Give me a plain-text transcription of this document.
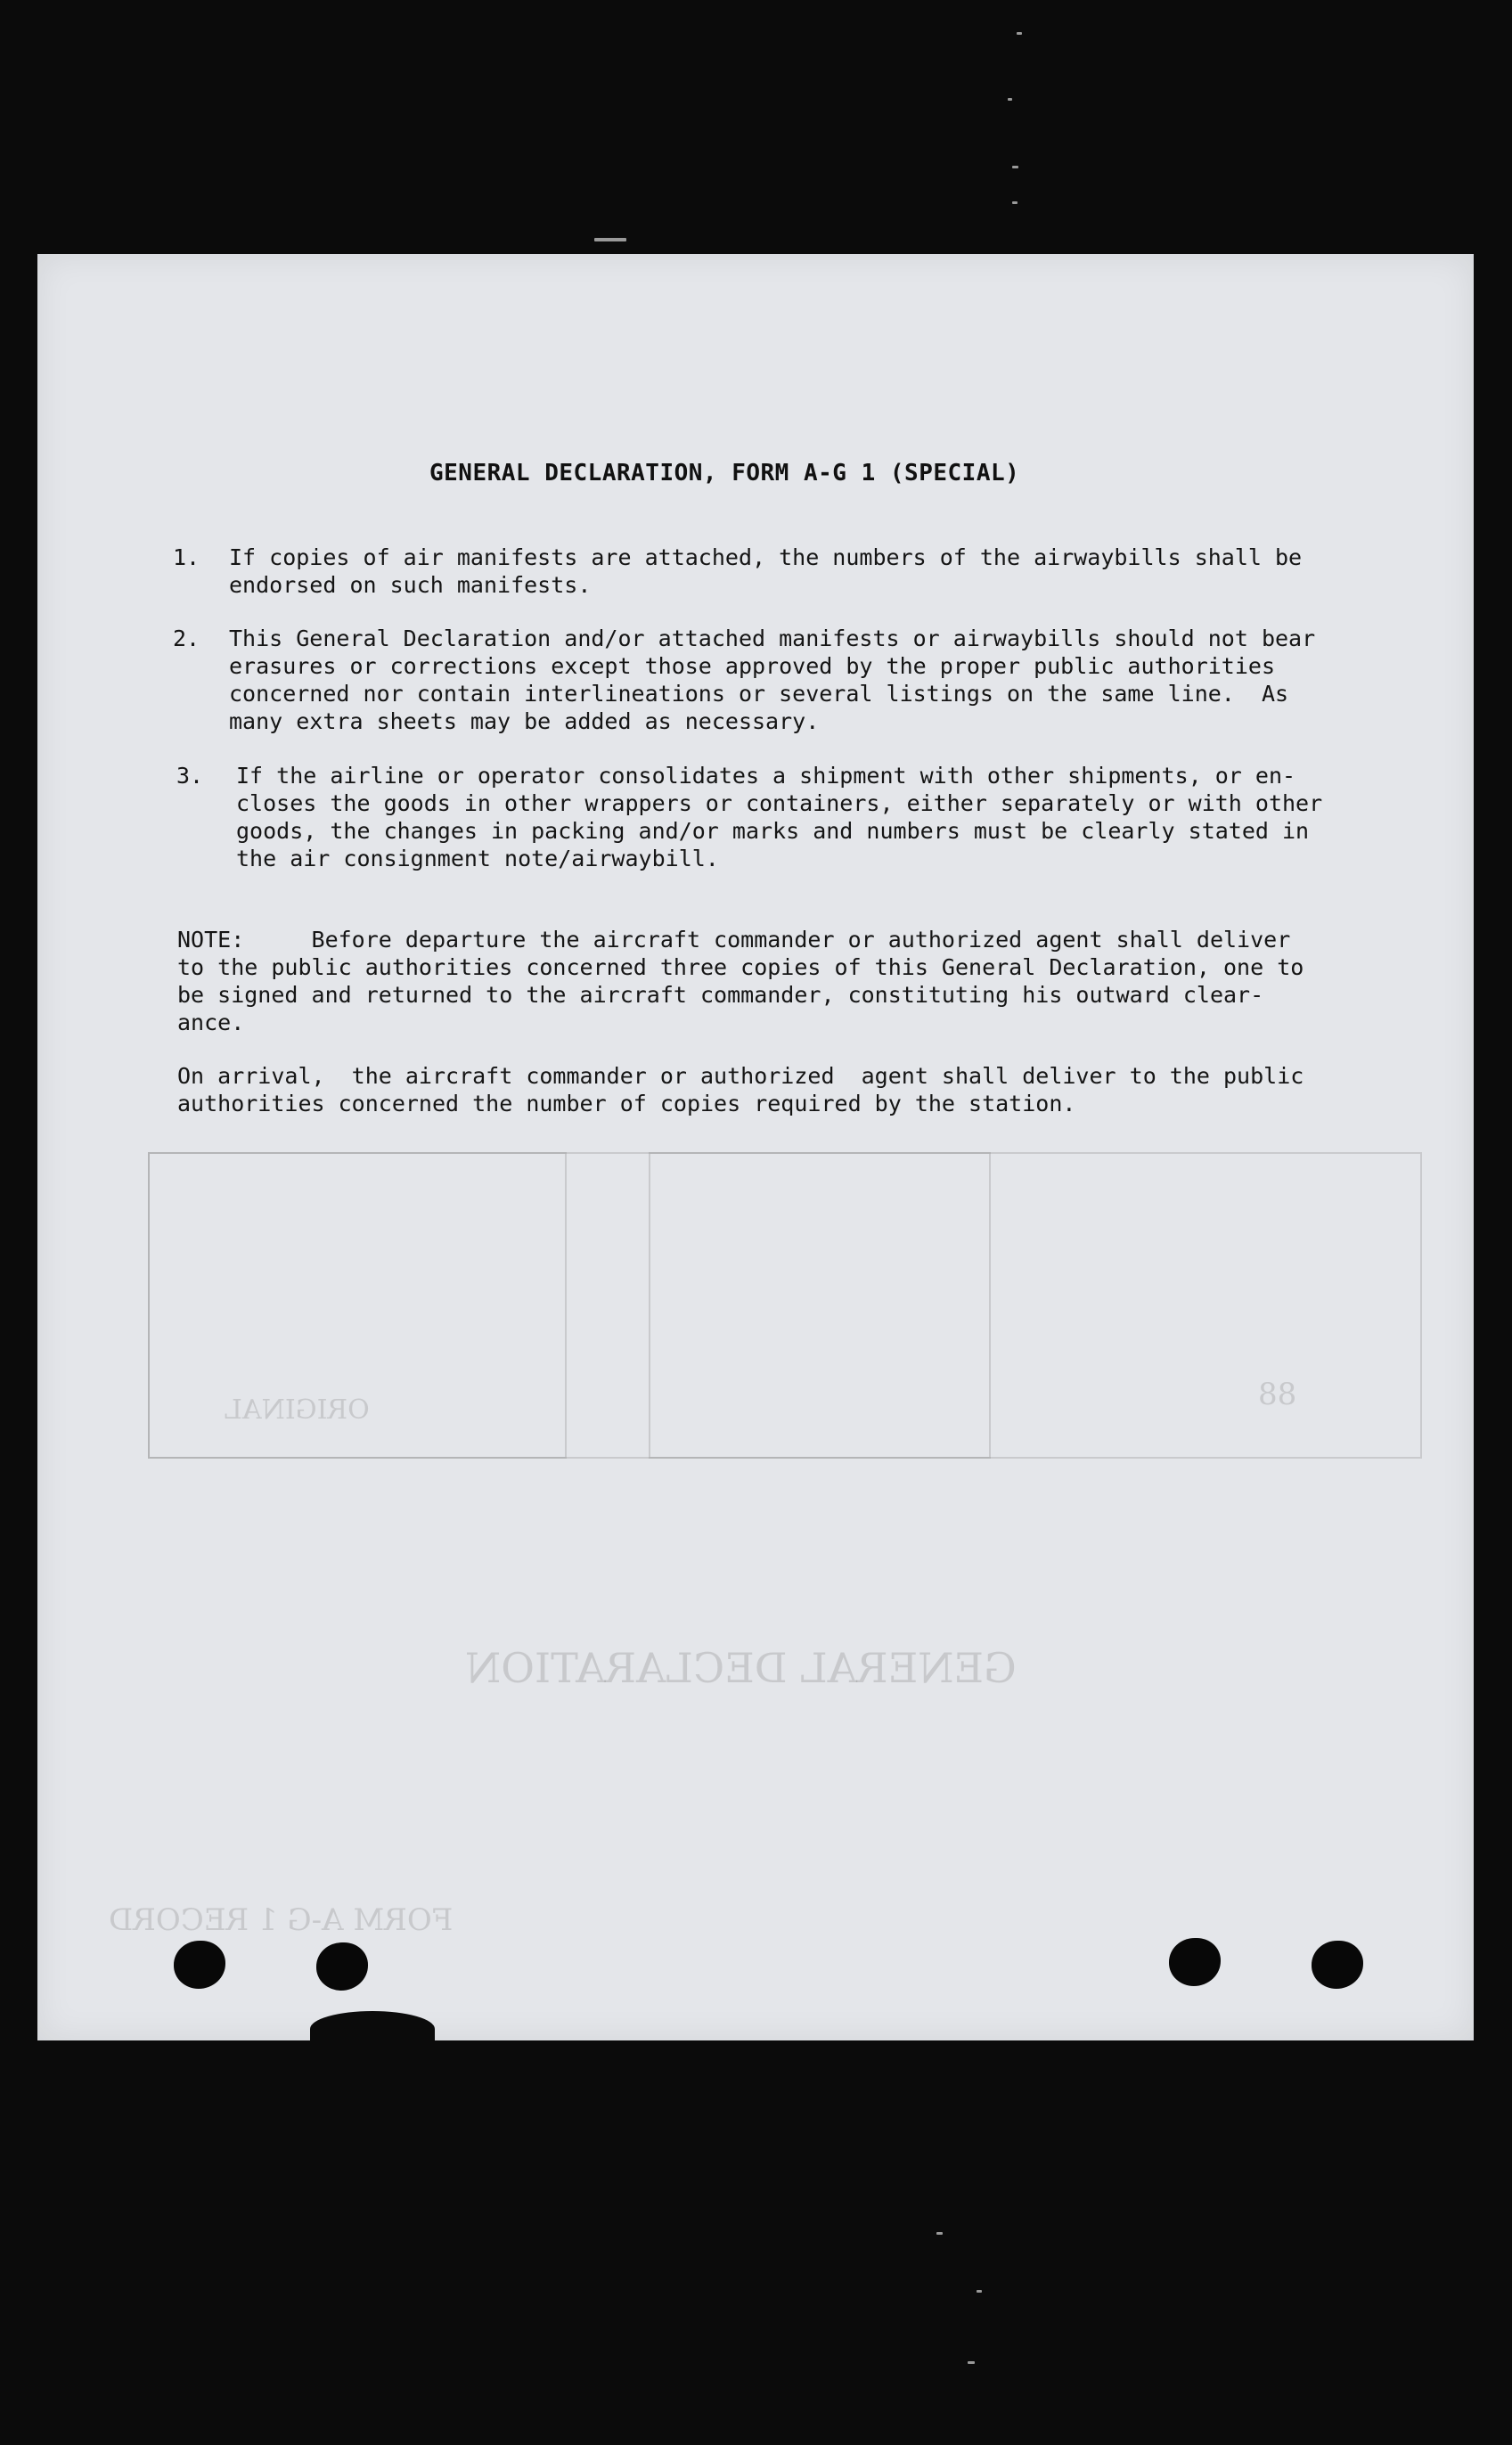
ORIGINAL	88
GENERAL DECLARATION
FORM A-G 1 RECORD
GENERAL DECLARATION, FORM A-G 1 (SPECIAL)
1. If copies of air manifests are attached, the numbers of the airwaybills shall be
endorsed on such manifests.
2. This General Declaration and/or attached manifests or airwaybills should not bear
erasures or corrections except those approved by the proper public authorities
concerned nor contain interlineations or several listings on the same line.  As
many extra sheets may be added as necessary.
3. If the airline or operator consolidates a shipment with other shipments, or en-
closes the goods in other wrappers or containers, either separately or with other
goods, the changes in packing and/or marks and numbers must be clearly stated in
the air consignment note/airwaybill.
NOTE:     Before departure the aircraft commander or authorized agent shall deliver
to the public authorities concerned three copies of this General Declaration, one to
be signed and returned to the aircraft commander, constituting his outward clear-
ance.
On arrival,  the aircraft commander or authorized  agent shall deliver to the public
authorities concerned the number of copies required by the station.
